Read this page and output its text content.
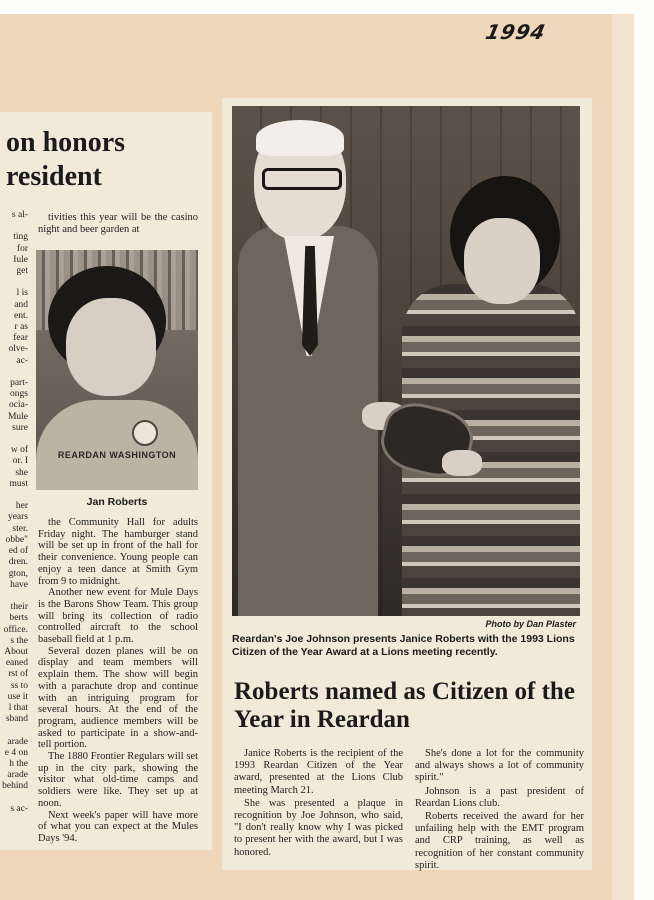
1994
on honors
resident
s al-

ting
for
Iule
get

l is
and
ent.
r as
fear
olve-
ac-

part-
ongs
ocia-
Mule
sure

w of
or. I
she
must

her
years
ster.
obbe"
ed of
dren.
gton,
have

their
berts
office.
s the
About
eaned
rst of
ss to
use it
l that
sband

arade
e 4 on
h the
arade
behind

s ac-

tivities this year will be the casino night and beer garden at

REARDAN WASHINGTON
Jan Roberts

the Community Hall for adults Friday night. The hamburger stand will be set up in front of the hall for their convenience. Young people can enjoy a teen dance at Smith Gym from 9 to midnight.

Another new event for Mule Days is the Barons Show Team. This group will bring its collection of radio controlled aircraft to the school baseball field at 1 p.m.

Several dozen planes will be on display and team members will explain them. The show will begin with a parachute drop and continue with an intriguing program for several hours. At the end of the program, audience members will be asked to participate in a show-and-tell portion.

The 1880 Frontier Regulars will set up in the city park, showing the visitor what old-time camps and soldiers were like. They set up at noon.

Next week's paper will have more of what you can expect at the Mules Days '94.

Photo by Dan Plaster
Reardan's Joe Johnson presents Janice Roberts with the 1993 Lions Citizen of the Year Award at a Lions meeting recently.
Roberts named as Citizen of the Year in Reardan

Janice Roberts is the recipient of the 1993 Reardan Citizen of the Year award, presented at the Lions Club meeting March 21.

She was presented a plaque in recognition by Joe Johnson, who said, "I don't really know why I was picked to present her with the award, but I was honored.

She's done a lot for the community and always shows a lot of community spirit."

Johnson is a past president of Reardan Lions club.

Roberts received the award for her unfailing help with the EMT program and CRP training, as well as recognition of her constant community spirit.
